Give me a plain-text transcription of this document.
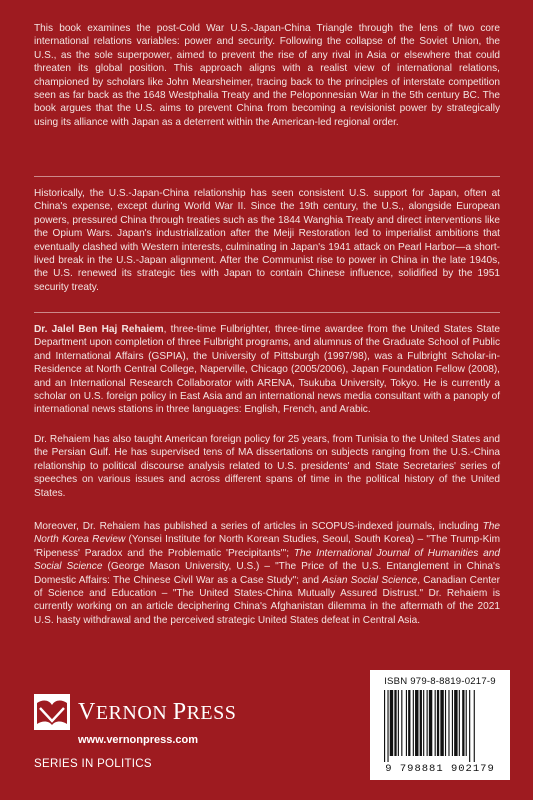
This book examines the post-Cold War U.S.-Japan-China Triangle through the lens of two core international relations variables: power and security. Following the collapse of the Soviet Union, the U.S., as the sole superpower, aimed to prevent the rise of any rival in Asia or elsewhere that could threaten its global position. This approach aligns with a realist view of international relations, championed by scholars like John Mearsheimer, tracing back to the principles of interstate competition seen as far back as the 1648 Westphalia Treaty and the Peloponnesian War in the 5th century BC. The book argues that the U.S. aims to prevent China from becoming a revisionist power by strategically using its alliance with Japan as a deterrent within the American-led regional order.

Historically, the U.S.-Japan-China relationship has seen consistent U.S. support for Japan, often at China's expense, except during World War II. Since the 19th century, the U.S., alongside European powers, pressured China through treaties such as the 1844 Wanghia Treaty and direct interventions like the Opium Wars. Japan's industrialization after the Meiji Restoration led to imperialist ambitions that eventually clashed with Western interests, culminating in Japan's 1941 attack on Pearl Harbor—a short-lived break in the U.S.-Japan alignment. After the Communist rise to power in China in the late 1940s, the U.S. renewed its strategic ties with Japan to contain Chinese influence, solidified by the 1951 security treaty.

Dr. Jalel Ben Haj Rehaiem, three-time Fulbrighter, three-time awardee from the United States State Department upon completion of three Fulbright programs, and alumnus of the Graduate School of Public and International Affairs (GSPIA), the University of Pittsburgh (1997/98), was a Fulbright Scholar-in-Residence at North Central College, Naperville, Chicago (2005/2006), Japan Foundation Fellow (2008), and an International Research Collaborator with ARENA, Tsukuba University, Tokyo. He is currently a scholar on U.S. foreign policy in East Asia and an international news media consultant with a panoply of international news stations in three languages: English, French, and Arabic.

Dr. Rehaiem has also taught American foreign policy for 25 years, from Tunisia to the United States and the Persian Gulf. He has supervised tens of MA dissertations on subjects ranging from the U.S.-China relationship to political discourse analysis related to U.S. presidents' and State Secretaries' series of speeches on various issues and across different spans of time in the political history of the United States.

Moreover, Dr. Rehaiem has published a series of articles in SCOPUS-indexed journals, including The North Korea Review (Yonsei Institute for North Korean Studies, Seoul, South Korea) – "The Trump-Kim 'Ripeness' Paradox and the Problematic 'Precipitants'"; The International Journal of Humanities and Social Science (George Mason University, U.S.) – "The Price of the U.S. Entanglement in China's Domestic Affairs: The Chinese Civil War as a Case Study"; and Asian Social Science, Canadian Center of Science and Education – "The United States-China Mutually Assured Distrust." Dr. Rehaiem is currently working on an article deciphering China's Afghanistan dilemma in the aftermath of the 2021 U.S. hasty withdrawal and the perceived strategic United States defeat in Central Asia.

VERNON PRESS
www.vernonpress.com
SERIES IN POLITICS
ISBN 979-8-8819-0217-9
9 798881 902179
